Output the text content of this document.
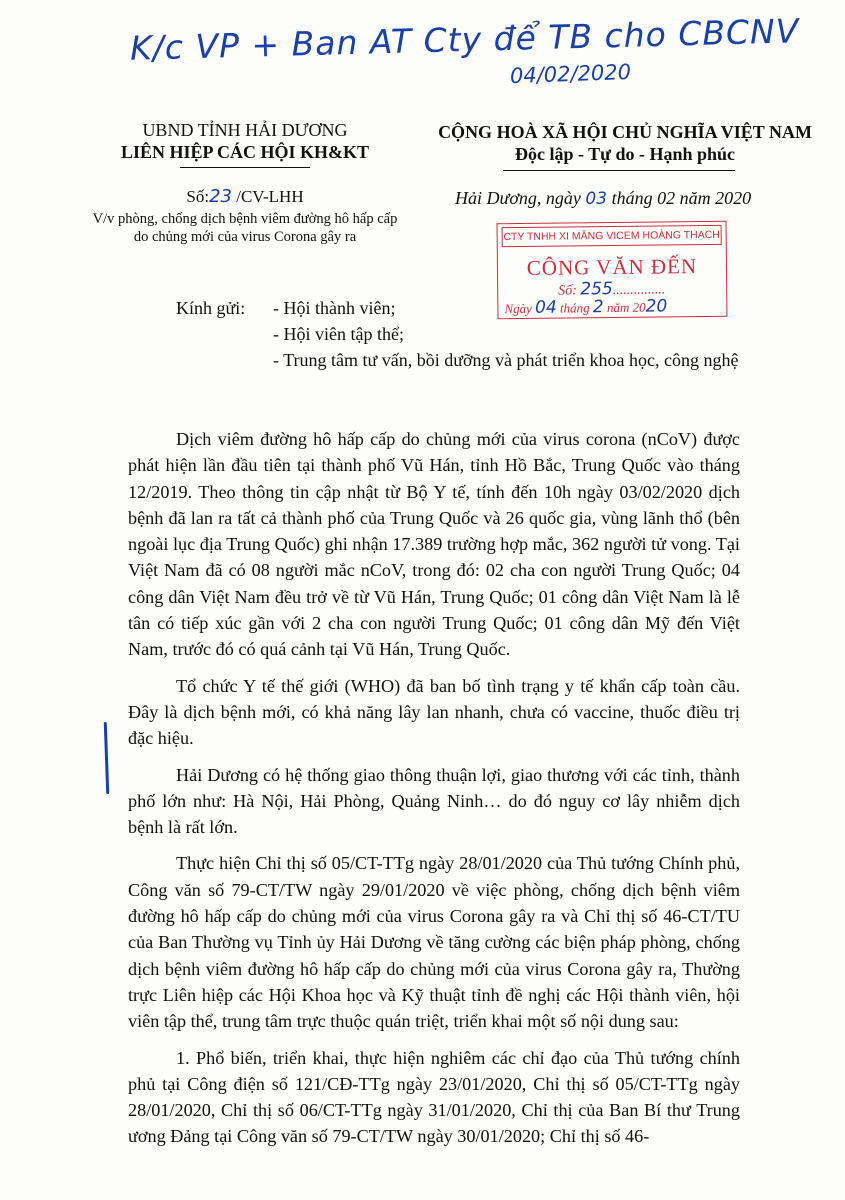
K/c VP + Ban AT Cty để TB cho CBCNV
04/02/2020
UBND TỈNH HẢI DƯƠNG
LIÊN HIỆP CÁC HỘI KH&KT
Số:23 /CV-LHH
V/v phòng, chống dịch bệnh viêm đường hô hấp cấp
do chủng mới của virus Corona gây ra
CỘNG HOÀ XÃ HỘI CHỦ NGHĨA VIỆT NAM
Độc lập - Tự do - Hạnh phúc
Hải Dương, ngày 03 tháng 02 năm 2020
CTY TNHH XI MĂNG VICEM HOÀNG THẠCH
CÔNG VĂN ĐẾN
Số: 255...............
Ngày 04 tháng 2 năm 2020
Kính gửi: - Hội thành viên;
- Hội viên tập thể;
- Trung tâm tư vấn, bồi dưỡng và phát triển khoa học, công nghệ

Dịch viêm đường hô hấp cấp do chủng mới của virus corona (nCoV) được phát hiện lần đầu tiên tại thành phố Vũ Hán, tỉnh Hồ Bắc, Trung Quốc vào tháng 12/2019. Theo thông tin cập nhật từ Bộ Y tế, tính đến 10h ngày 03/02/2020 dịch bệnh đã lan ra tất cả thành phố của Trung Quốc và 26 quốc gia, vùng lãnh thổ (bên ngoài lục địa Trung Quốc) ghi nhận 17.389 trường hợp mắc, 362 người tử vong. Tại Việt Nam đã có 08 người mắc nCoV, trong đó: 02 cha con người Trung Quốc; 04 công dân Việt Nam đều trở về từ Vũ Hán, Trung Quốc; 01 công dân Việt Nam là lễ tân có tiếp xúc gần với 2 cha con người Trung Quốc; 01 công dân Mỹ đến Việt Nam, trước đó có quá cảnh tại Vũ Hán, Trung Quốc.

Tổ chức Y tế thế giới (WHO) đã ban bố tình trạng y tế khẩn cấp toàn cầu. Đây là dịch bệnh mới, có khả năng lây lan nhanh, chưa có vaccine, thuốc điều trị đặc hiệu.

Hải Dương có hệ thống giao thông thuận lợi, giao thương với các tỉnh, thành phố lớn như: Hà Nội, Hải Phòng, Quảng Ninh… do đó nguy cơ lây nhiễm dịch bệnh là rất lớn.

Thực hiện Chỉ thị số 05/CT-TTg ngày 28/01/2020 của Thủ tướng Chính phủ, Công văn số 79-CT/TW ngày 29/01/2020 về việc phòng, chống dịch bệnh viêm đường hô hấp cấp do chủng mới của virus Corona gây ra và Chỉ thị số 46-CT/TU của Ban Thường vụ Tỉnh ủy Hải Dương về tăng cường các biện pháp phòng, chống dịch bệnh viêm đường hô hấp cấp do chủng mới của virus Corona gây ra, Thường trực Liên hiệp các Hội Khoa học và Kỹ thuật tỉnh đề nghị các Hội thành viên, hội viên tập thể, trung tâm trực thuộc quán triệt, triển khai một số nội dung sau:

1. Phổ biến, triển khai, thực hiện nghiêm các chỉ đạo của Thủ tướng chính phủ tại Công điện số 121/CĐ-TTg ngày 23/01/2020, Chỉ thị số 05/CT-TTg ngày 28/01/2020, Chỉ thị số 06/CT-TTg ngày 31/01/2020, Chỉ thị của Ban Bí thư Trung ương Đảng tại Công văn số 79-CT/TW ngày 30/01/2020; Chỉ thị số 46-
